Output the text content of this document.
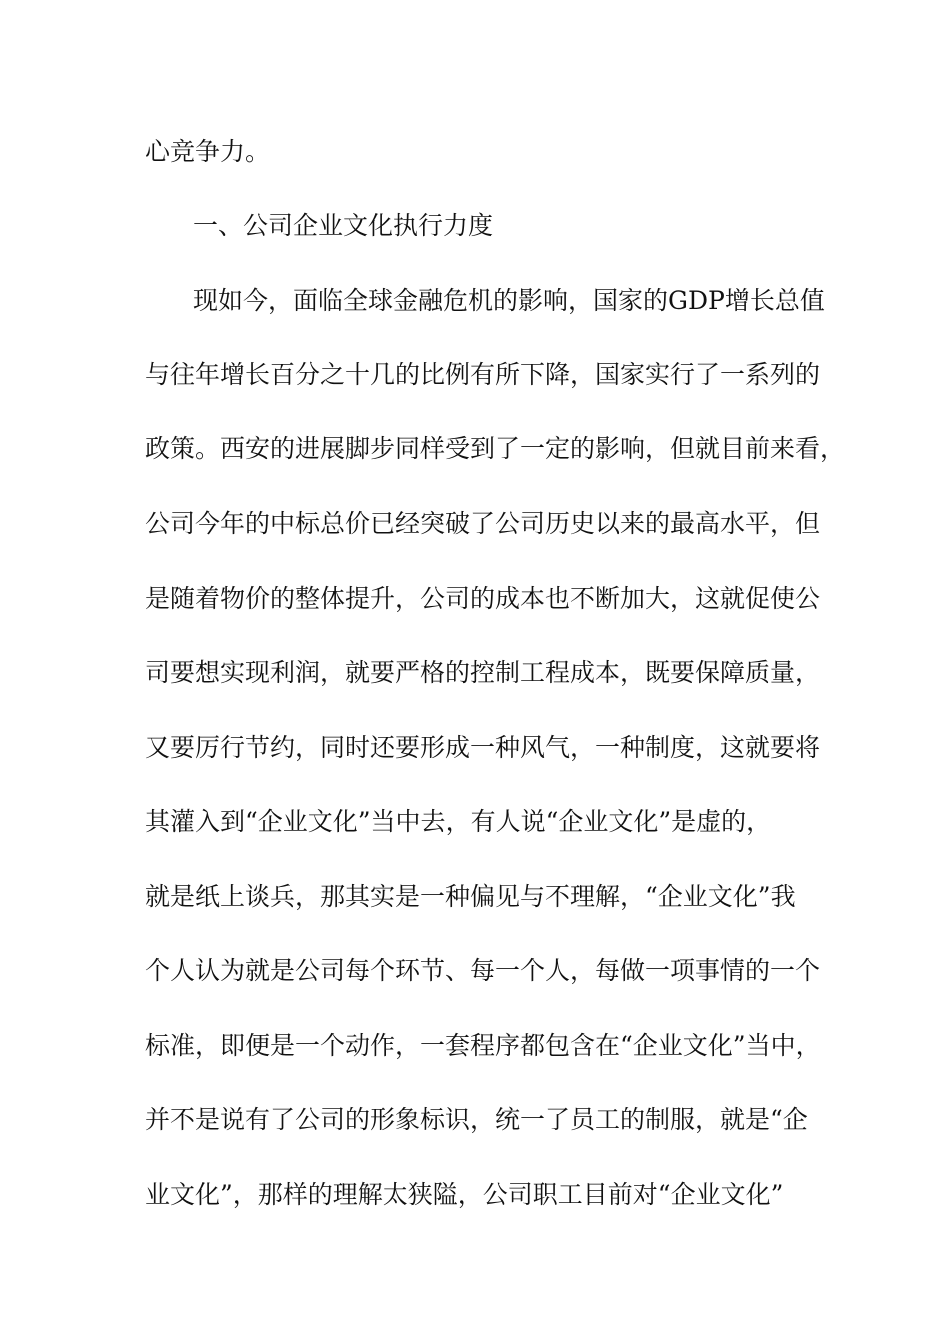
心竞争力。
一、公司企业文化执行力度
现如今，面临全球金融危机的影响，国家的GDP增长总值
与往年增长百分之十几的比例有所下降，国家实行了一系列的
政策。西安的进展脚步同样受到了一定的影响，但就目前来看，
公司今年的中标总价已经突破了公司历史以来的最高水平，但
是随着物价的整体提升，公司的成本也不断加大，这就促使公
司要想实现利润，就要严格的控制工程成本，既要保障质量，
又要厉行节约，同时还要形成一种风气，一种制度，这就要将
其灌入到“企业文化”当中去，有人说“企业文化”是虚的，
就是纸上谈兵，那其实是一种偏见与不理解，“企业文化”我
个人认为就是公司每个环节、每一个人，每做一项事情的一个
标准，即便是一个动作，一套程序都包含在“企业文化”当中，
并不是说有了公司的形象标识，统一了员工的制服，就是“企
业文化”，那样的理解太狭隘，公司职工目前对“企业文化”
